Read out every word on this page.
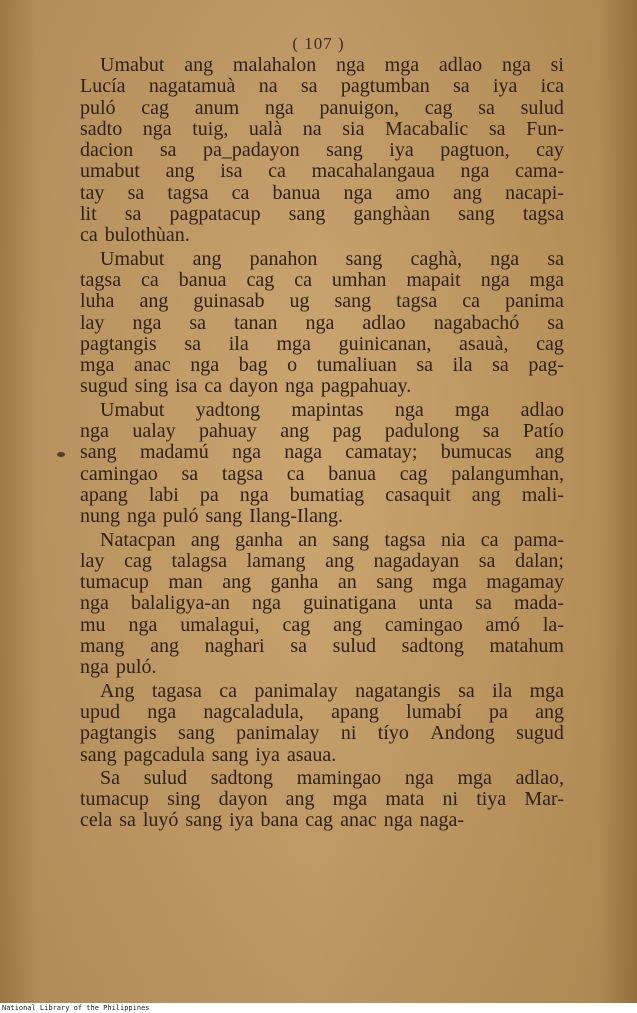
( 107 )
Umabut ang malahalon nga mga adlao nga si
Lucía nagatamuà na sa pagtumban sa iya ica
puló cag anum nga panuigon, cag sa sulud
sadto nga tuig, ualà na sia Macabalic sa Fun-
dacion sa pa_padayon sang iya pagtuon, cay
umabut ang isa ca macahalangaua nga cama-
tay sa tagsa ca banua nga amo ang nacapi-
lit sa pagpatacup sang ganghàan sang tagsa
ca bulothùan.
Umabut ang panahon sang caghà, nga sa
tagsa ca banua cag ca umhan mapait nga mga
luha ang guinasab ug sang tagsa ca panima
lay nga sa tanan nga adlao nagabachó sa
pagtangis sa ila mga guinicanan, asauà, cag
mga anac nga bag o tumaliuan sa ila sa pag-
sugud sing isa ca dayon nga pagpahuay.
Umabut yadtong mapintas nga mga adlao
nga ualay pahuay ang pag padulong sa Patío
sang madamú nga naga camatay; bumucas ang
camingao sa tagsa ca banua cag palangumhan,
apang labi pa nga bumatiag casaquit ang mali-
nung nga puló sang Ilang-Ilang.
Natacpan ang ganha an sang tagsa nia ca pama-
lay cag talagsa lamang ang nagadayan sa dalan;
tumacup man ang ganha an sang mga magamay
nga balaligya-an nga guinatigana unta sa mada-
mu nga umalagui, cag ang camingao amó la-
mang ang naghari sa sulud sadtong matahum
nga puló.
Ang tagasa ca panimalay nagatangis sa ila mga
upud nga nagcaladula, apang lumabí pa ang
pagtangis sang panimalay ni tíyo Andong sugud
sang pagcadula sang iya asaua.
Sa sulud sadtong mamingao nga mga adlao,
tumacup sing dayon ang mga mata ni tiya Mar-
cela sa luyó sang iya bana cag anac nga naga-
National Library of the Philippines
